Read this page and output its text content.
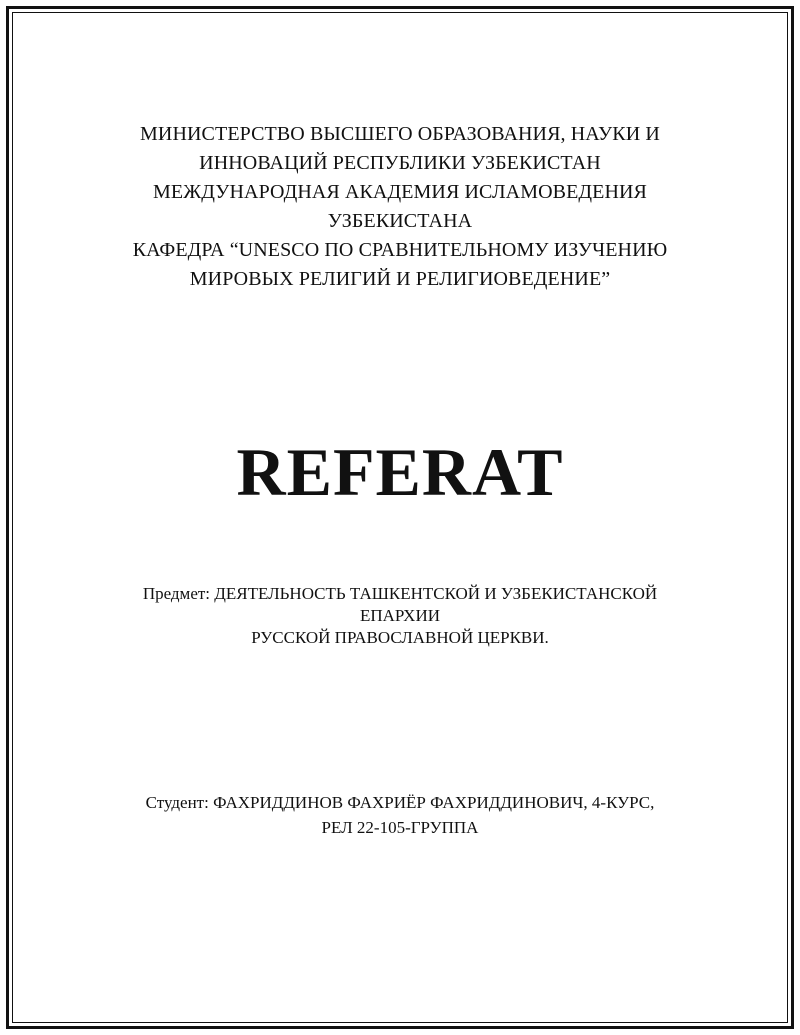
МИНИСТЕРСТВО ВЫСШЕГО ОБРАЗОВАНИЯ, НАУКИ И
ИННОВАЦИЙ РЕСПУБЛИКИ УЗБЕКИСТАН
МЕЖДУНАРОДНАЯ АКАДЕМИЯ ИСЛАМОВЕДЕНИЯ
УЗБЕКИСТАНА
КАФЕДРА “UNESCO ПО СРАВНИТЕЛЬНОМУ ИЗУЧЕНИЮ
МИРОВЫХ РЕЛИГИЙ И РЕЛИГИОВЕДЕНИЕ”
REFERAT
Предмет: ДЕЯТЕЛЬНОСТЬ ТАШКЕНТСКОЙ И УЗБЕКИСТАНСКОЙ
ЕПАРХИИ
РУССКОЙ ПРАВОСЛАВНОЙ ЦЕРКВИ.
Студент: ФАХРИДДИНОВ ФАХРИЁР ФАХРИДДИНОВИЧ, 4-КУРС,
РЕЛ 22-105-ГРУППА
